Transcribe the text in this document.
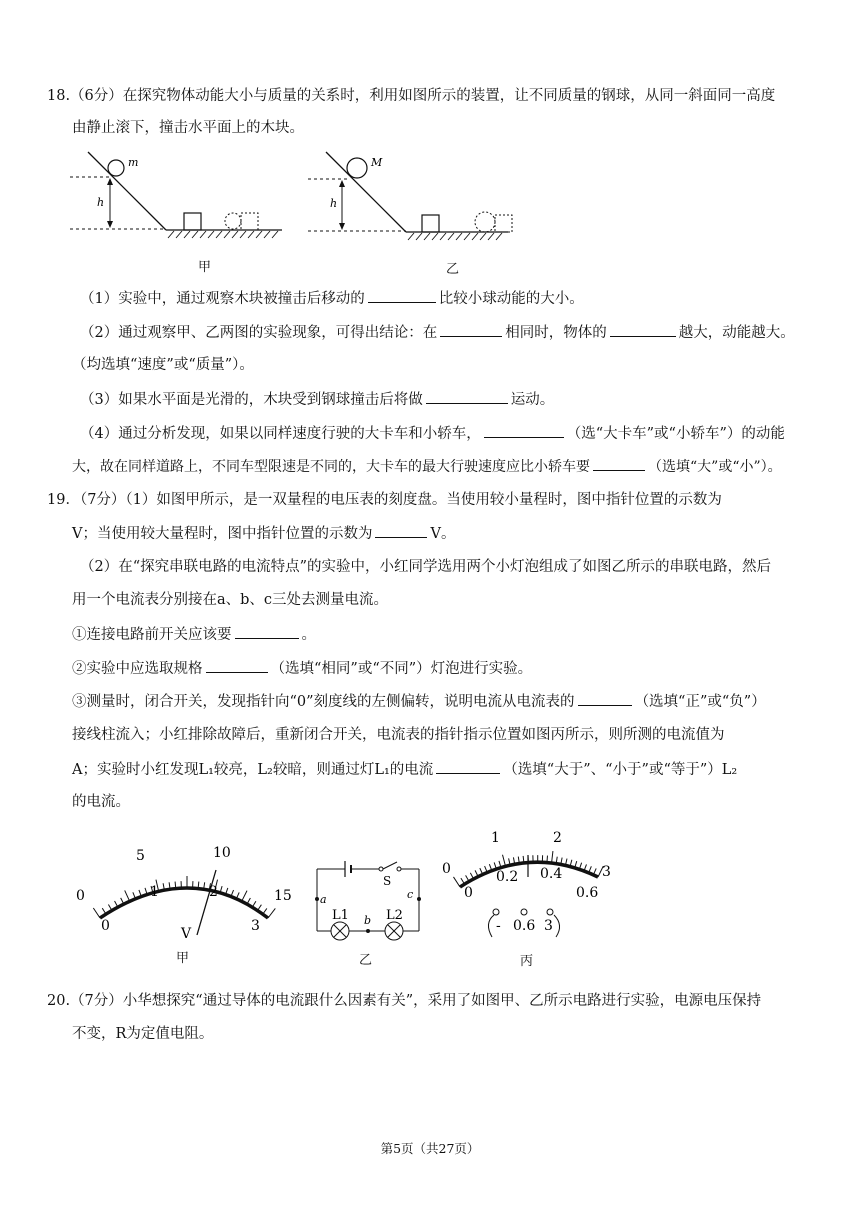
18.（6分）在探究物体动能大小与质量的关系时，利用如图所示的装置，让不同质量的钢球，从同一斜面同一高度
由静止滚下，撞击水平面上的木块。
m
h
甲
M
h
乙
（1）实验中，通过观察木块被撞击后移动的	比较小球动能的大小。
（2）通过观察甲、乙两图的实验现象，可得出结论：在	相同时，物体的	越大，动能越大。
（均选填“速度”或“质量”）。
（3）如果水平面是光滑的，木块受到钢球撞击后将做	运动。
（4）通过分析发现，如果以同样速度行驶的大卡车和小轿车，	（选“大卡车”或“小轿车”）的动能
大，故在同样道路上，不同车型限速是不同的，大卡车的最大行驶速度应比小轿车要	（选填“大”或“小”）。
19．（7分）（1）如图甲所示，是一双量程的电压表的刻度盘。当使用较小量程时，图中指针位置的示数为
V；当使用较大量程时，图中指针位置的示数为	V。
（2）在“探究串联电路的电流特点”的实验中，小红同学选用两个小灯泡组成了如图乙所示的串联电路，然后
用一个电流表分别接在a、b、c三处去测量电流。
①连接电路前开关应该要	。
②实验中应选取规格	（选填“相同”或“不同”）灯泡进行实验。
③测量时，闭合开关，发现指针向“0”刻度线的左侧偏转，说明电流从电流表的	（选填“正”或“负”）
接线柱流入；小红排除故障后，重新闭合开关，电流表的指针指示位置如图丙所示，则所测的电流值为
A；实验时小红发现L₁较亮，L₂较暗，则通过灯L₁的电流	（选填“大于”、“小于”或“等于”）L₂
的电流。
0
5	10
15
0
1	2
3
V
甲
S
a	c
b
L1	L2
乙
0
1	2
3
0
0.2 0.4
0.6
- 0.6 3
丙
20.（7分）小华想探究“通过导体的电流跟什么因素有关”，采用了如图甲、乙所示电路进行实验，电源电压保持
不变，R为定值电阻。
第5页（共27页）
